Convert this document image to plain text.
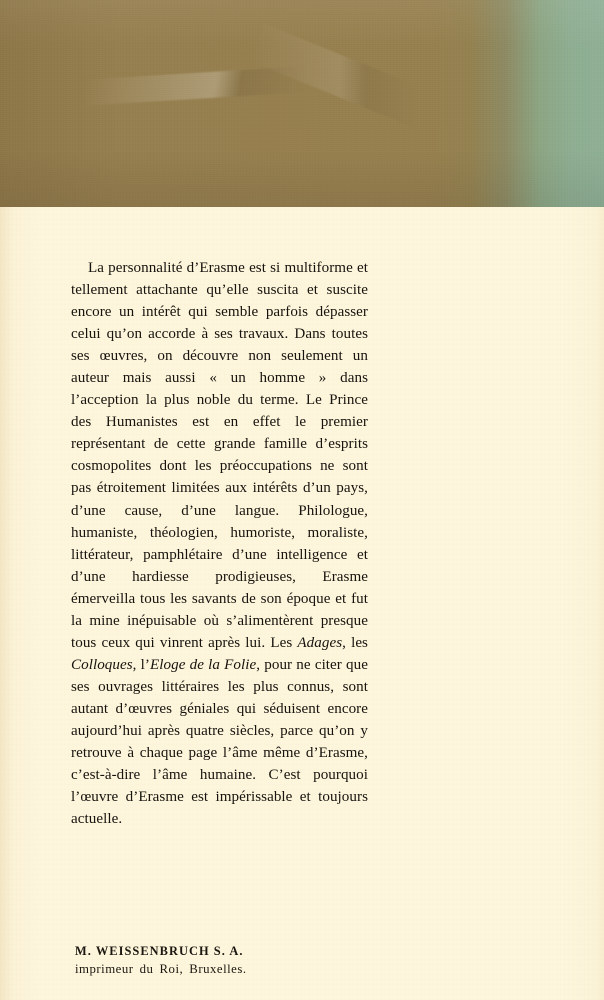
La personnalité d’Erasme est si multiforme et tellement attachante qu’elle suscita et suscite encore un intérêt qui semble parfois dépasser celui qu’on accorde à ses travaux. Dans toutes ses œuvres, on découvre non seulement un auteur mais aussi « un homme » dans l’acception la plus noble du terme. Le Prince des Humanistes est en effet le premier représentant de cette grande famille d’esprits cosmopolites dont les préoccupations ne sont pas étroitement limitées aux intérêts d’un pays, d’une cause, d’une langue. Philologue, humaniste, théologien, humoriste, moraliste, littérateur, pamphlétaire d’une intelligence et d’une hardiesse prodigieuses, Erasme émerveilla tous les savants de son époque et fut la mine inépuisable où s’alimentèrent presque tous ceux qui vinrent après lui. Les Adages, les Colloques, l’Eloge de la Folie, pour ne citer que ses ouvrages littéraires les plus connus, sont autant d’œuvres géniales qui séduisent encore aujourd’hui après quatre siècles, parce qu’on y retrouve à chaque page l’âme même d’Erasme, c’est-à-dire l’âme humaine. C’est pourquoi l’œuvre d’Erasme est impérissable et toujours actuelle.
M. WEISSENBRUCH S. A.
imprimeur du Roi, Bruxelles.
